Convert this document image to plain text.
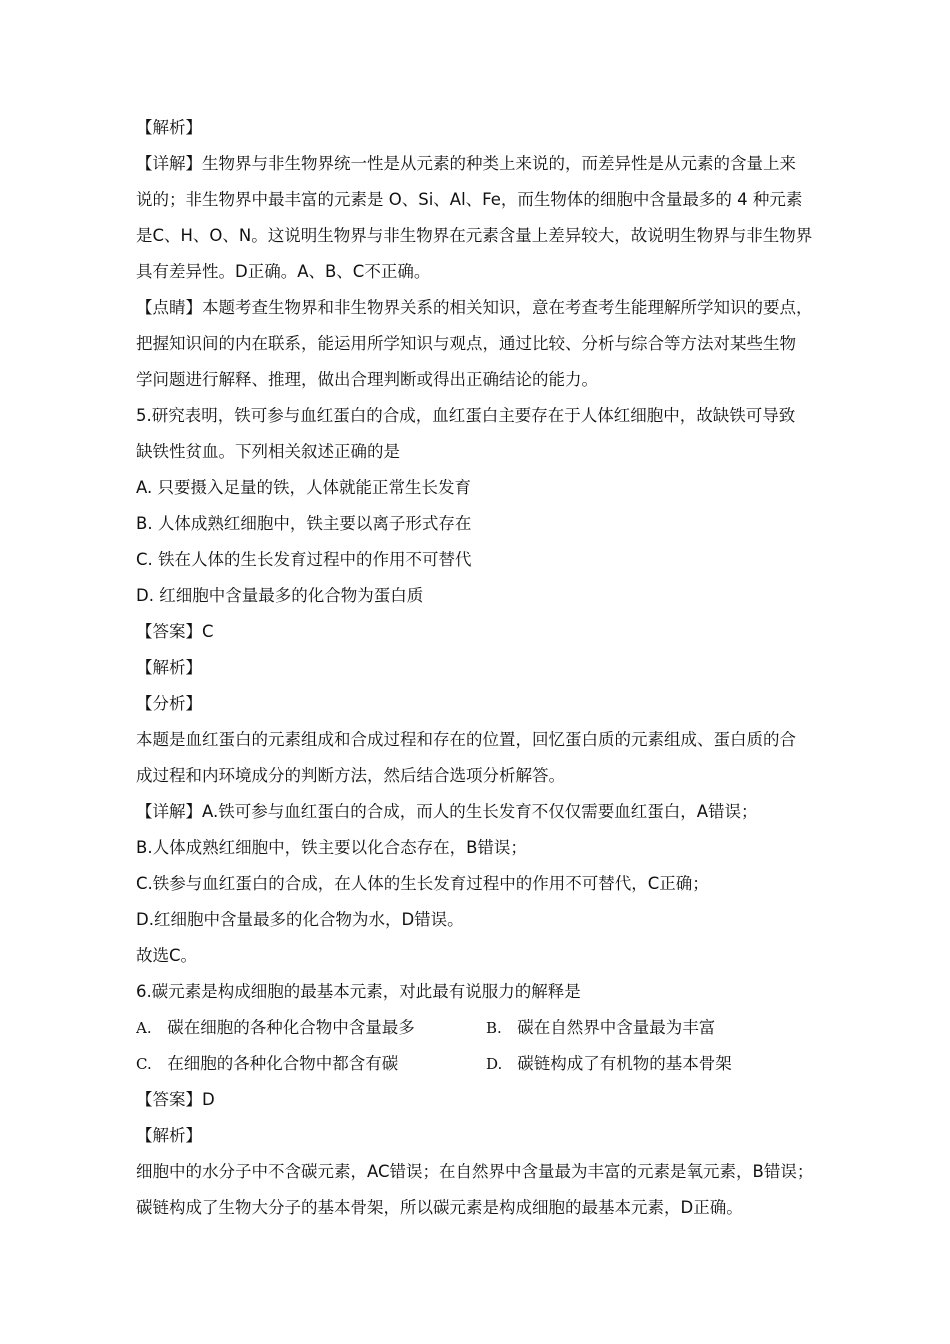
【解析】
【详解】生物界与非生物界统一性是从元素的种类上来说的，而差异性是从元素的含量上来
说的；非生物界中最丰富的元素是 O、Si、Al、Fe，而生物体的细胞中含量最多的 4 种元素
是C、H、O、N。这说明生物界与非生物界在元素含量上差异较大，故说明生物界与非生物界
具有差异性。D正确。A、B、C不正确。
【点睛】本题考查生物界和非生物界关系的相关知识，意在考查考生能理解所学知识的要点，
把握知识间的内在联系，能运用所学知识与观点，通过比较、分析与综合等方法对某些生物
学问题进行解释、推理，做出合理判断或得出正确结论的能力。
5.研究表明，铁可参与血红蛋白的合成，血红蛋白主要存在于人体红细胞中，故缺铁可导致
缺铁性贫血。下列相关叙述正确的是
A. 只要摄入足量的铁，人体就能正常生长发育
B. 人体成熟红细胞中，铁主要以离子形式存在
C. 铁在人体的生长发育过程中的作用不可替代
D. 红细胞中含量最多的化合物为蛋白质
【答案】C
【解析】
【分析】
本题是血红蛋白的元素组成和合成过程和存在的位置，回忆蛋白质的元素组成、蛋白质的合
成过程和内环境成分的判断方法，然后结合选项分析解答。
【详解】A.铁可参与血红蛋白的合成，而人的生长发育不仅仅需要血红蛋白，A错误；
B.人体成熟红细胞中，铁主要以化合态存在，B错误；
C.铁参与血红蛋白的合成，在人体的生长发育过程中的作用不可替代，C正确；
D.红细胞中含量最多的化合物为水，D错误。
故选C。
6.碳元素是构成细胞的最基本元素，对此最有说服力的解释是
A. 碳在细胞的各种化合物中含量最多	B. 碳在自然界中含量最为丰富
C. 在细胞的各种化合物中都含有碳	D. 碳链构成了有机物的基本骨架
【答案】D
【解析】
细胞中的水分子中不含碳元素，AC错误；在自然界中含量最为丰富的元素是氧元素，B错误；
碳链构成了生物大分子的基本骨架，所以碳元素是构成细胞的最基本元素，D正确。
